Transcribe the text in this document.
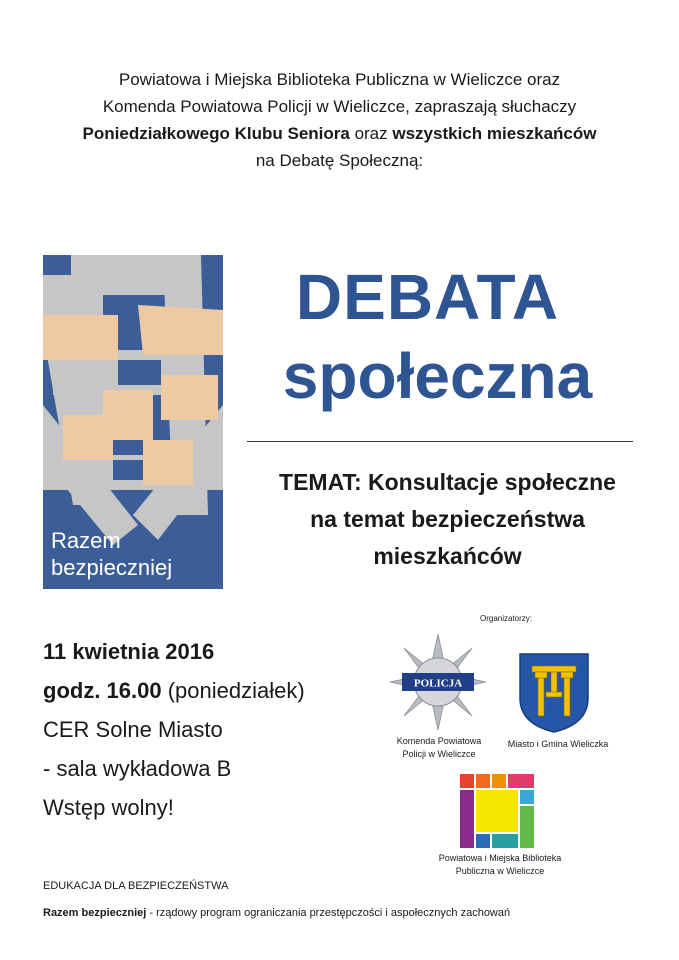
Powiatowa i Miejska Biblioteka Publiczna w Wieliczce oraz
Komenda Powiatowa Policji w Wieliczce, zapraszają słuchaczy
Poniedziałkowego Klubu Seniora oraz wszystkich mieszkańców
na Debatę Społeczną:
Razem
bezpieczniej
DEBATA
społeczna
TEMAT: Konsultacje społeczne
na temat bezpieczeństwa
mieszkańców
11 kwietnia 2016
godz. 16.00 (poniedziałek)
CER Solne Miasto
- sala wykładowa B
Wstęp wolny!
Organizatorzy:
POLICJA
Komenda Powiatowa
Policji w Wieliczce
Miasto i Gmina Wieliczka
Powiatowa i Miejska Biblioteka
Publiczna w Wieliczce
EDUKACJA DLA BEZPIECZEŃSTWA
Razem bezpieczniej - rządowy program ograniczania przestępczości i aspołecznych zachowań
